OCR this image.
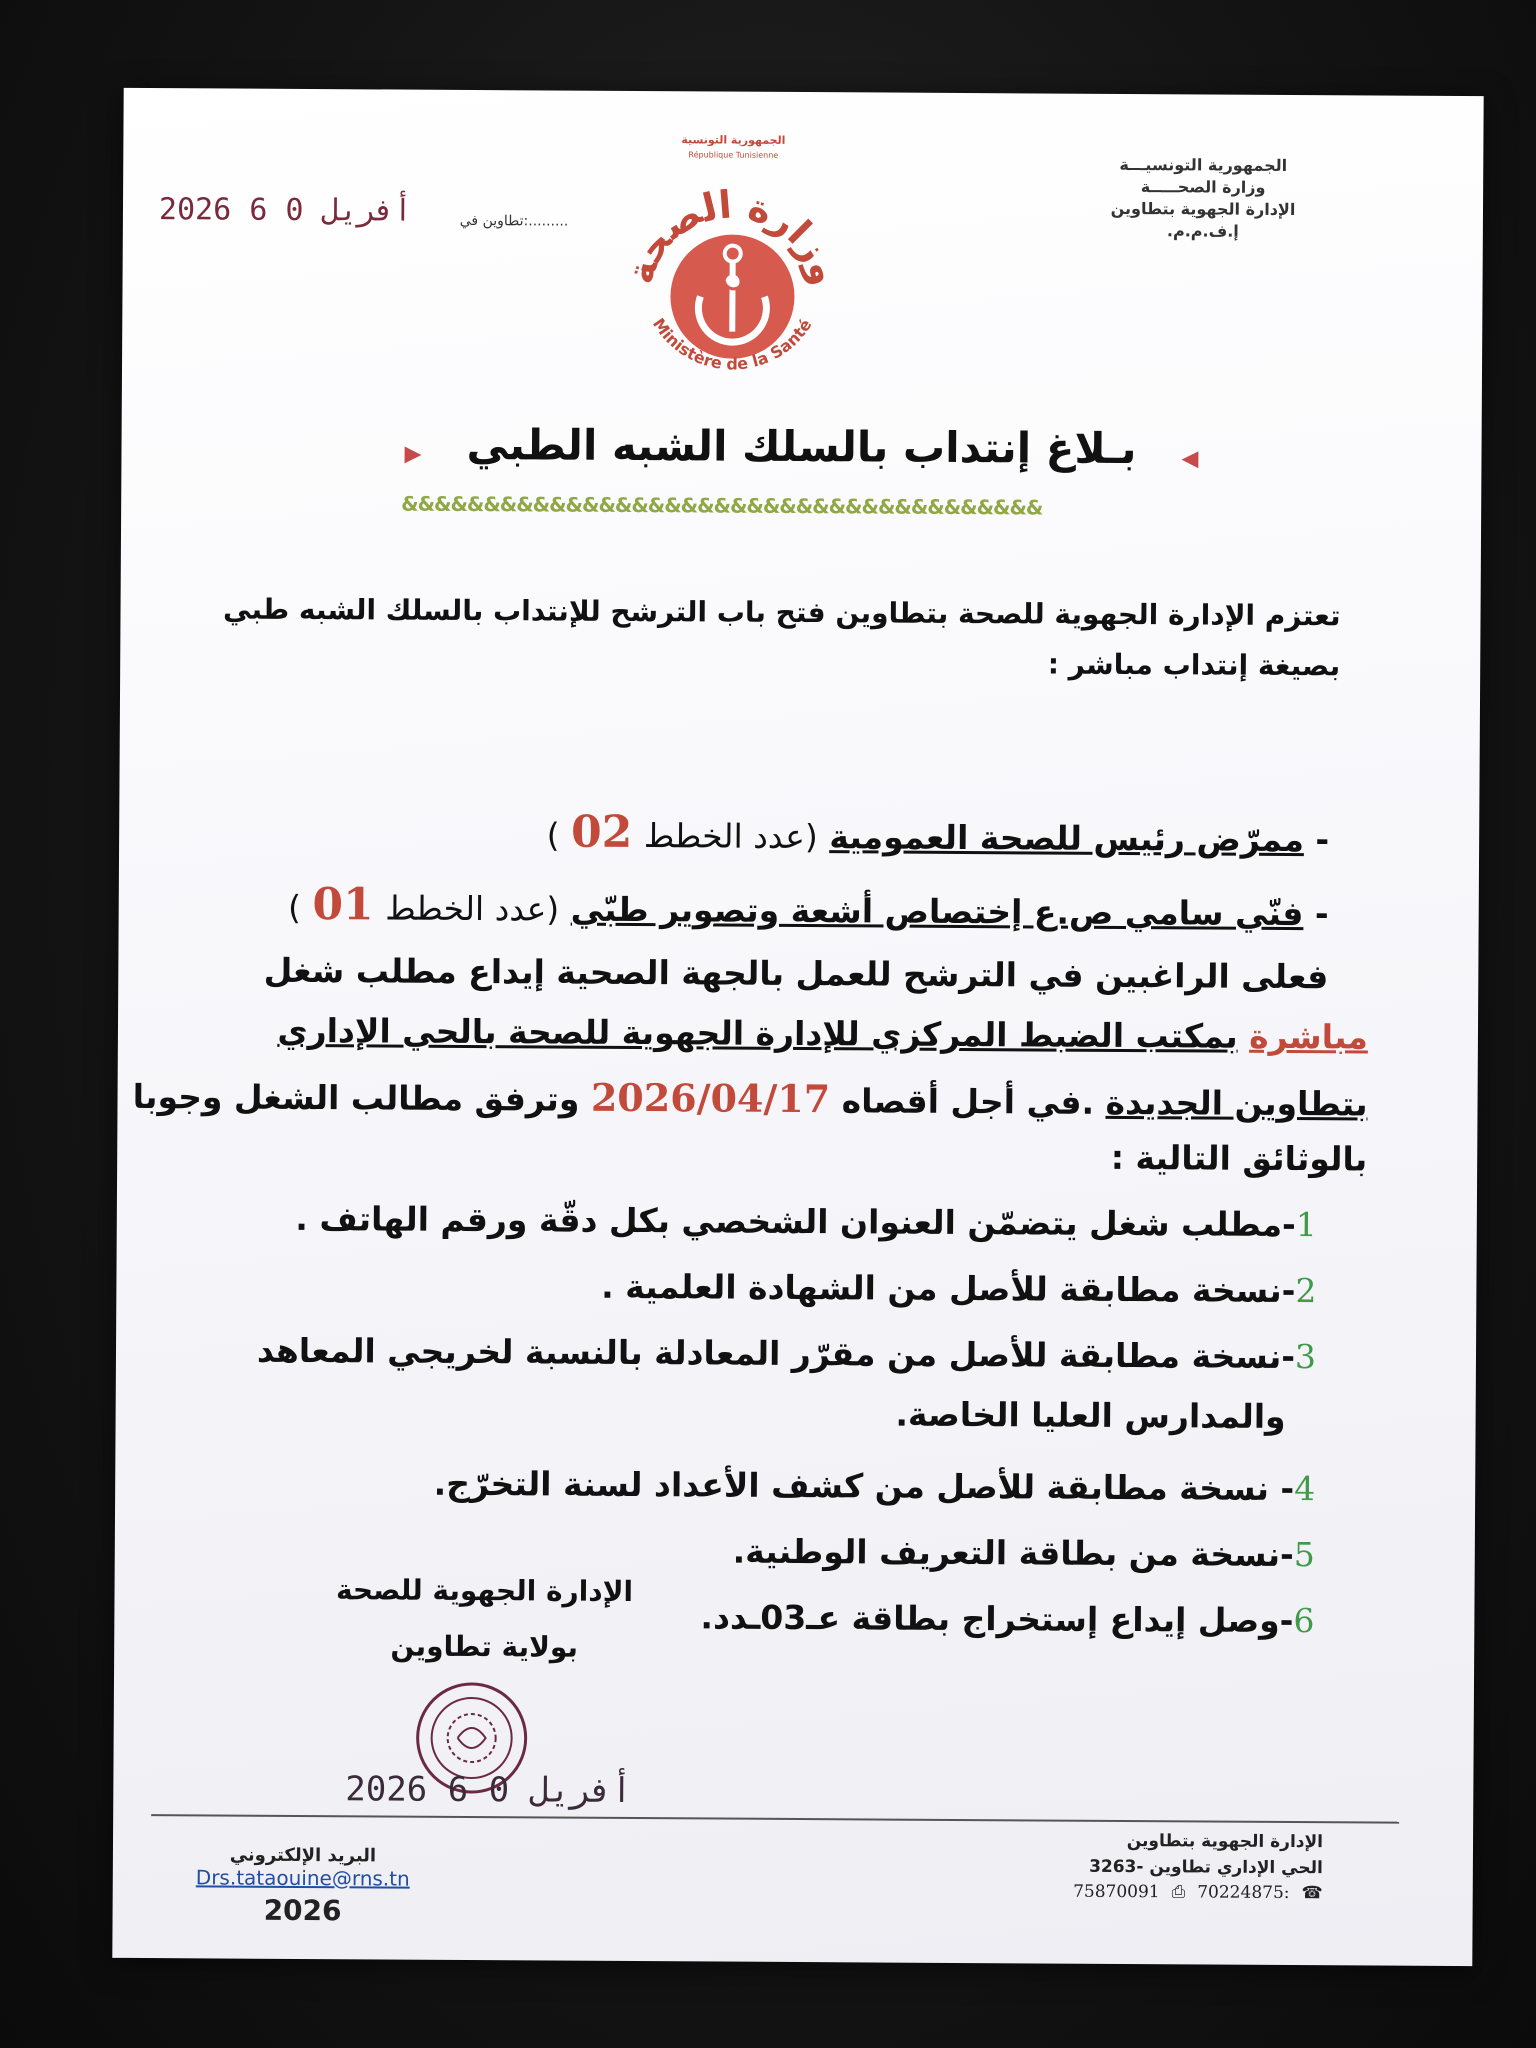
الجمهورية التونسيـــة
وزارة الصحـــــة
الإدارة الجهوية بتطاوين
إ.ف.م.م.
2026 أفريل 0 6	تطاوين في:.........
الجمهورية التونسية
République Tunisienne
وزارة الصحة
Ministère de la Santé
◀ بـلاغ إنتداب بالسلك الشبه الطبي ▶
&&&&&&&&&&&&&&&&&&&&&&&&&&&&&&&&&&&&&&&
تعتزم الإدارة الجهوية للصحة بتطاوين فتح باب الترشح للإنتداب بالسلك الشبه طبي بصيغة إنتداب مباشر :
- ممرّض رئيس للصحة العمومية (عدد الخطط 02 )
- فنّي سامي ص.ع إختصاص أشعة وتصوير طبّي (عدد الخطط 01 )
فعلى الراغبين في الترشح للعمل بالجهة الصحية إيداع مطلب شغل
مباشرة بمكتب الضبط المركزي للإدارة الجهوية للصحة بالحي الإداري
بتطاوين الجديدة .في أجل أقصاه 2026/04/17 وترفق مطالب الشغل وجوبا
بالوثائق التالية :
1-مطلب شغل يتضمّن العنوان الشخصي بكل دقّة ورقم الهاتف .
2-نسخة مطابقة للأصل من الشهادة العلمية .
3-نسخة مطابقة للأصل من مقرّر المعادلة بالنسبة لخريجي المعاهد
والمدارس العليا الخاصة.
4- نسخة مطابقة للأصل من كشف الأعداد لسنة التخرّج.
5-نسخة من بطاقة التعريف الوطنية.
6-وصل إيداع إستخراج بطاقة عـ03ـدد.
الإدارة الجهوية للصحة
بولاية تطاوين
2026 أفريل 0 6
الإدارة الجهوية بتطاوين
الحي الإداري تطاوين -3263
75870091 ⎙ 70224875: ☎
البريد الإلكتروني
Drs.tataouine@rns.tn
2026
